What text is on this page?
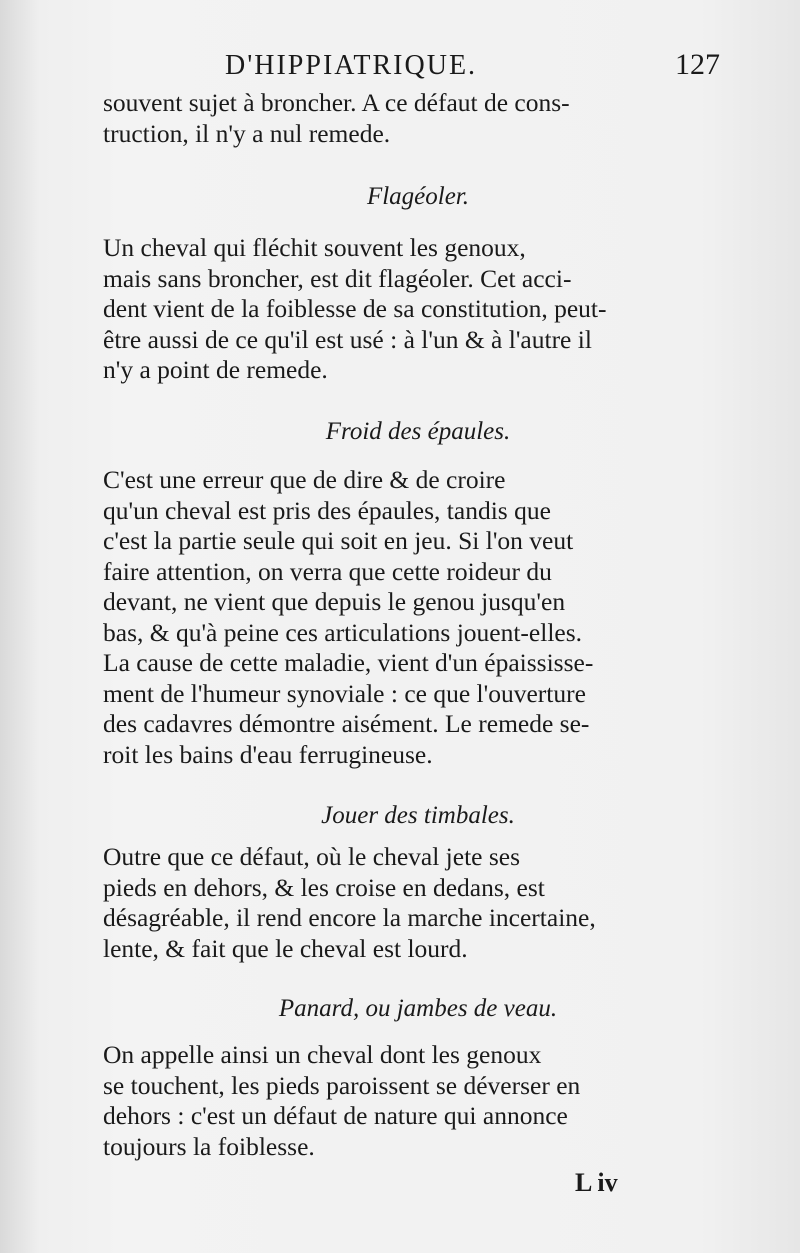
D'HIPPIATRIQUE.	127
souvent sujet à broncher. A ce défaut de cons-
truction, il n'y a nul remede.
Flagéoler.
Un cheval qui fléchit souvent les genoux,
mais sans broncher, est dit flagéoler. Cet acci-
dent vient de la foiblesse de sa constitution, peut-
être aussi de ce qu'il est usé : à l'un & à l'autre il
n'y a point de remede.
Froid des épaules.
C'est une erreur que de dire & de croire
qu'un cheval est pris des épaules, tandis que
c'est la partie seule qui soit en jeu. Si l'on veut
faire attention, on verra que cette roideur du
devant, ne vient que depuis le genou jusqu'en
bas, & qu'à peine ces articulations jouent-elles.
La cause de cette maladie, vient d'un épaississe-
ment de l'humeur synoviale : ce que l'ouverture
des cadavres démontre aisément. Le remede se-
roit les bains d'eau ferrugineuse.
Jouer des timbales.
Outre que ce défaut, où le cheval jete ses
pieds en dehors, & les croise en dedans, est
désagréable, il rend encore la marche incertaine,
lente, & fait que le cheval est lourd.
Panard, ou jambes de veau.
On appelle ainsi un cheval dont les genoux
se touchent, les pieds paroissent se déverser en
dehors : c'est un défaut de nature qui annonce
toujours la foiblesse.
L iv
